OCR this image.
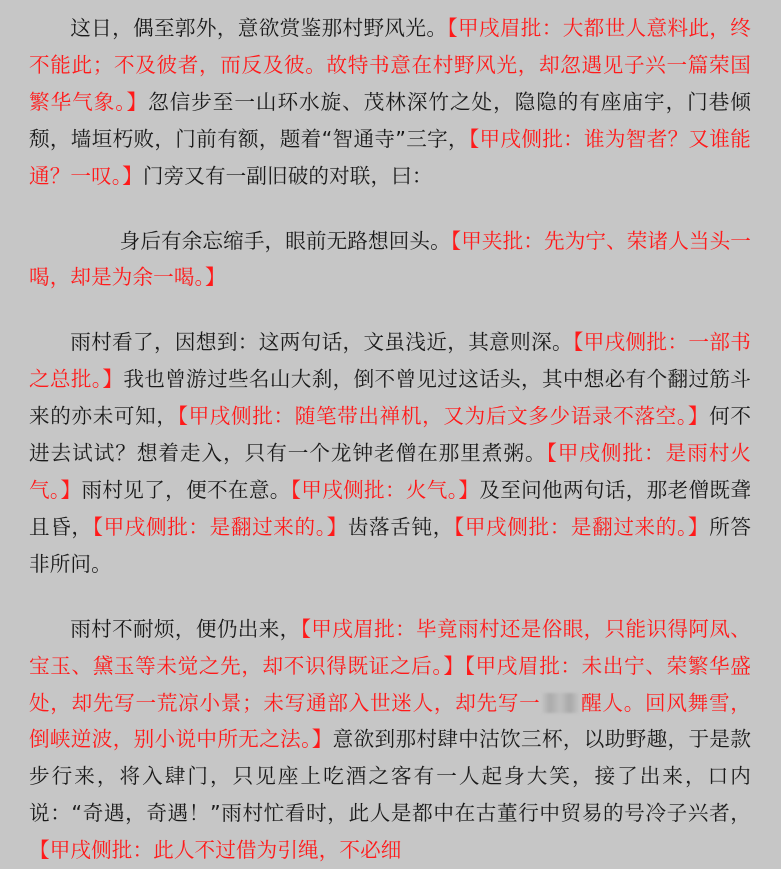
这日，偶至郭外，意欲赏鉴那村野风光。【甲戌眉批：大都世人意料此，终不能此；不及彼者，而反及彼。故特书意在村野风光，却忽遇见子兴一篇荣国繁华气象。】忽信步至一山环水旋、茂林深竹之处，隐隐的有座庙宇，门巷倾颓，墙垣朽败，门前有额，题着“智通寺”三字，【甲戌侧批：谁为智者？又谁能通？一叹。】门旁又有一副旧破的对联，曰：

身后有余忘缩手，眼前无路想回头。【甲夹批：先为宁、荣诸人当头一喝，却是为余一喝。】

雨村看了，因想到：这两句话，文虽浅近，其意则深。【甲戌侧批：一部书之总批。】我也曾游过些名山大刹，倒不曾见过这话头，其中想必有个翻过筋斗来的亦未可知，【甲戌侧批：随笔带出禅机，又为后文多少语录不落空。】何不进去试试？想着走入，只有一个龙钟老僧在那里煮粥。【甲戌侧批：是雨村火气。】雨村见了，便不在意。【甲戌侧批：火气。】及至问他两句话，那老僧既聋且昏，【甲戌侧批：是翻过来的。】齿落舌钝，【甲戌侧批：是翻过来的。】所答非所问。

雨村不耐烦，便仍出来，【甲戌眉批：毕竟雨村还是俗眼，只能识得阿凤、宝玉、黛玉等未觉之先，却不识得既证之后。】【甲戌眉批：未出宁、荣繁华盛处，却先写一荒凉小景；未写通部入世迷人，却先写一 醒人。回风舞雪，倒峡逆波，别小说中所无之法。】意欲到那村肆中沽饮三杯，以助野趣，于是款步行来，将入肆门，只见座上吃酒之客有一人起身大笑，接了出来，口内说：“奇遇，奇遇！”雨村忙看时，此人是都中在古董行中贸易的号冷子兴者，【甲戌侧批：此人不过借为引绳，不必细
